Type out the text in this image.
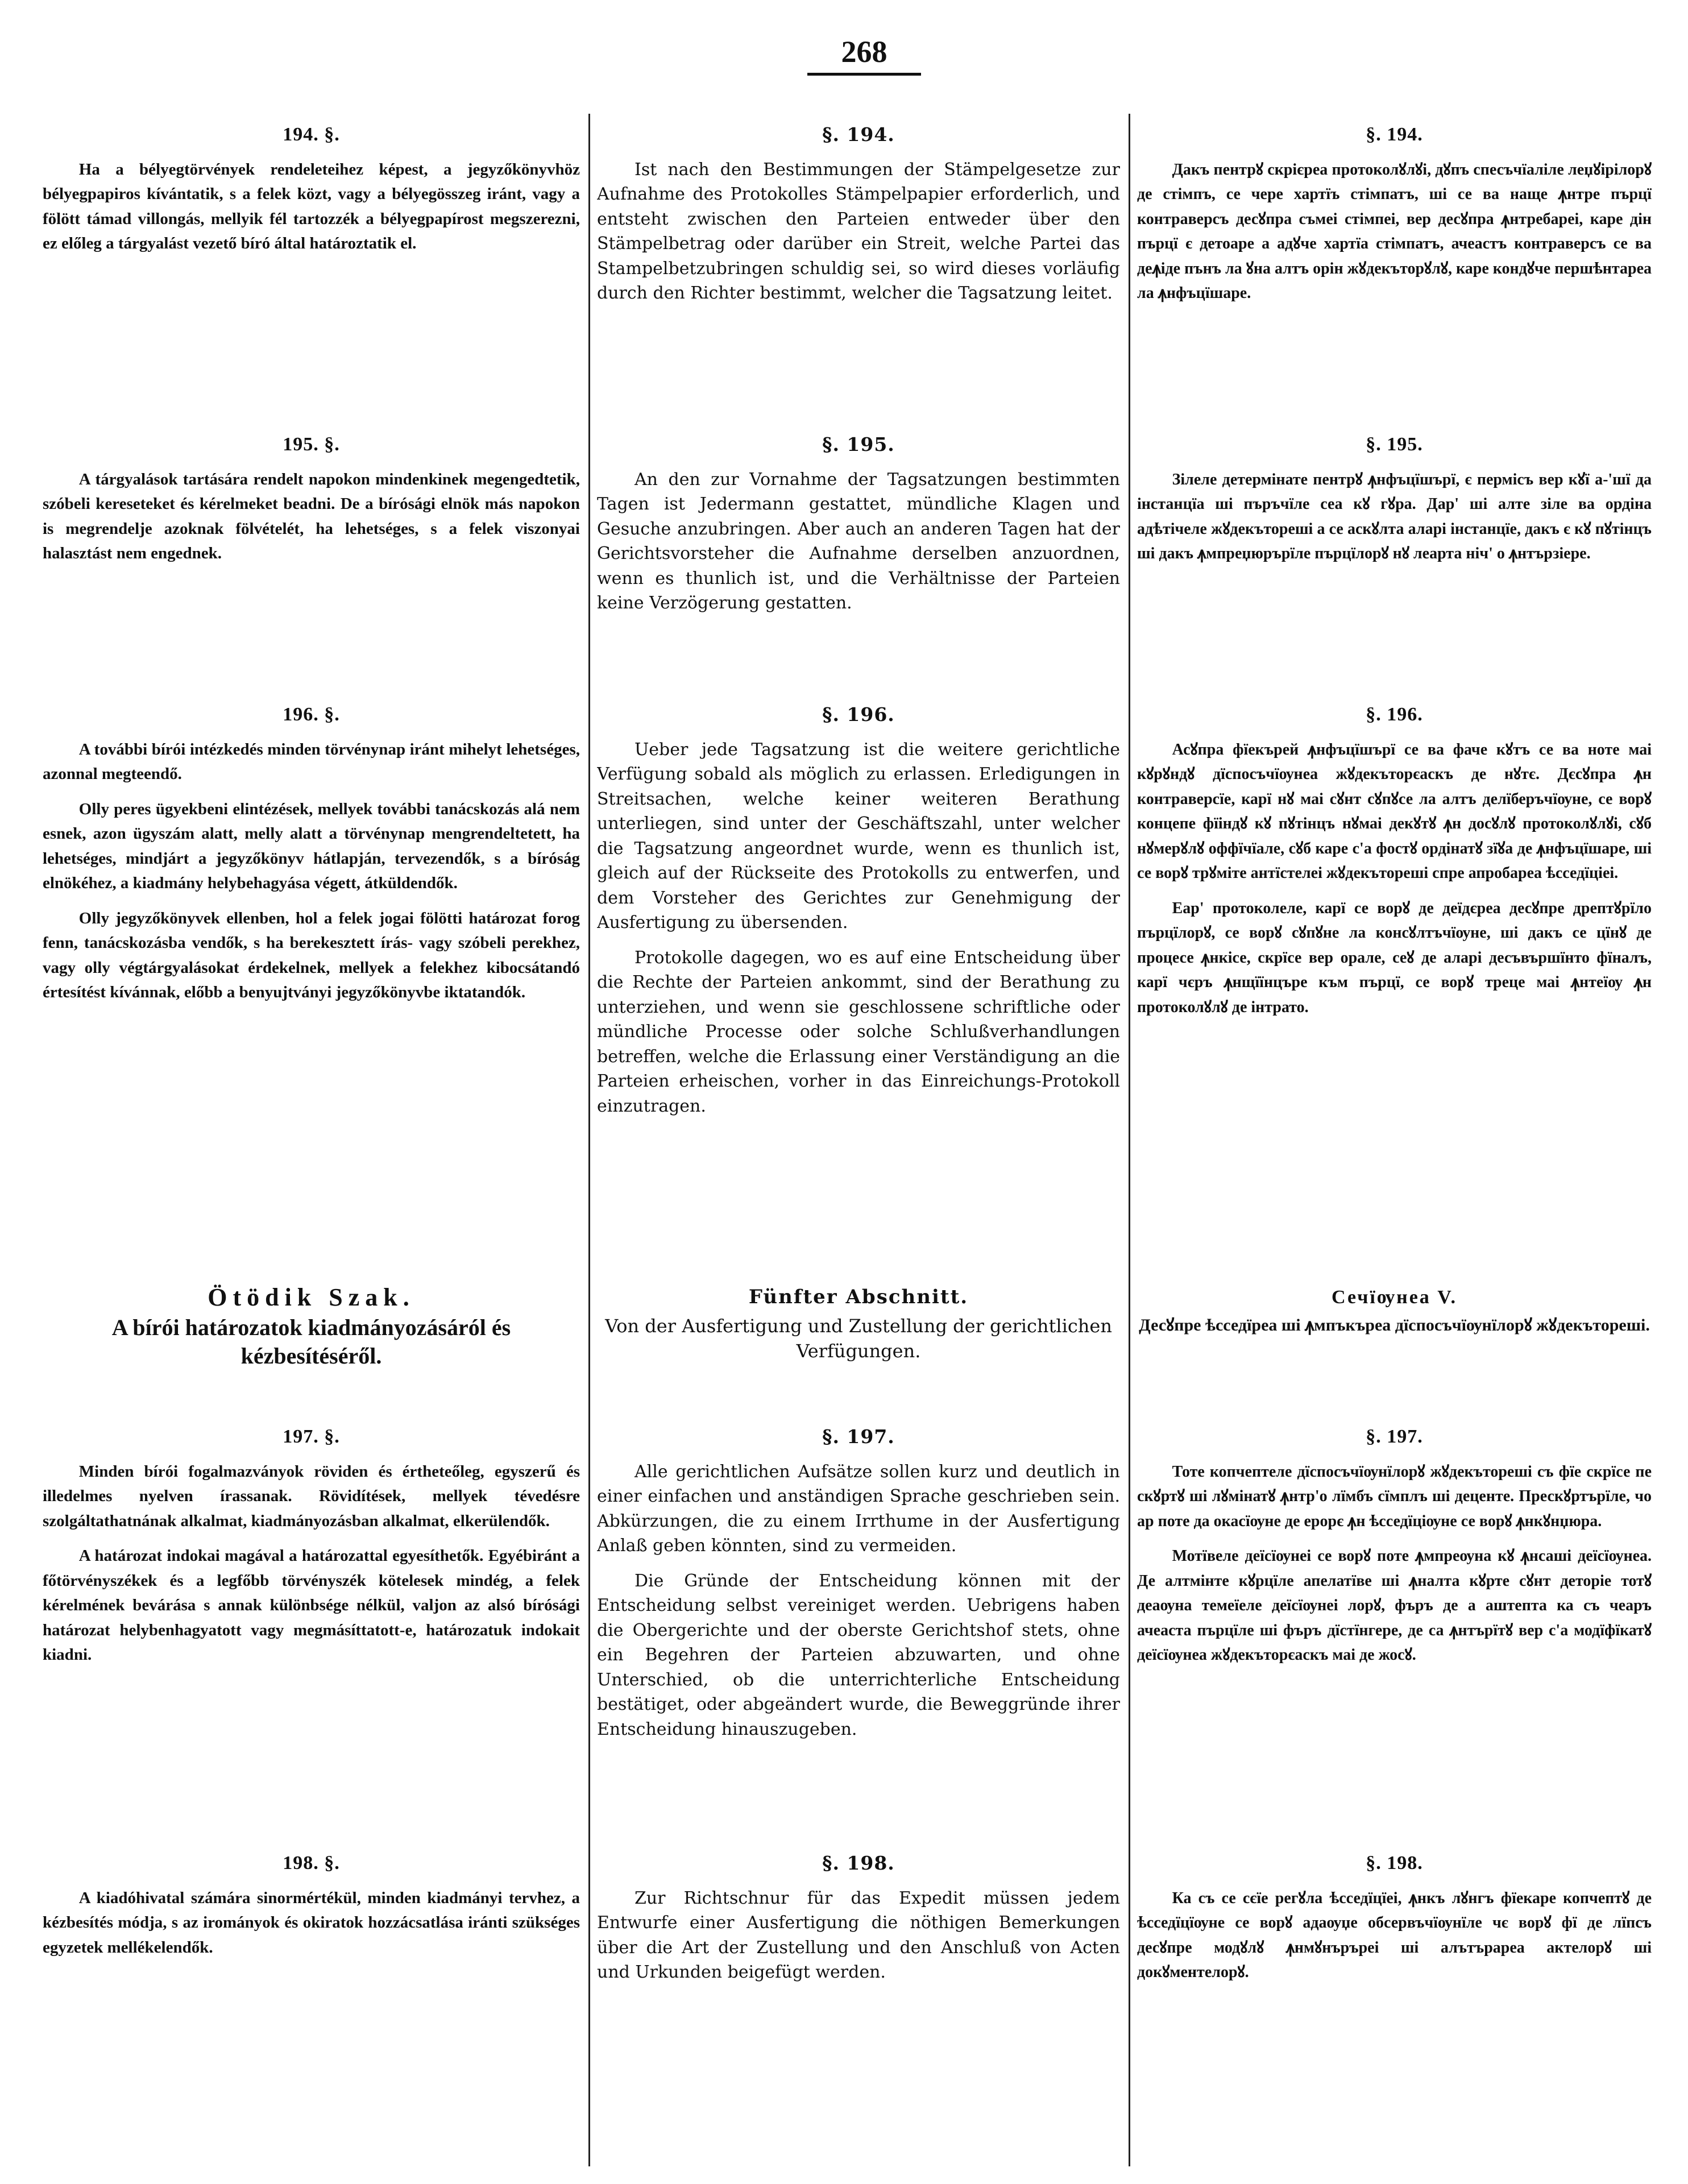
268
194. §.

Ha a bélyegtörvények rendeleteihez képest, a jegyzőkönyvhöz bélyegpapiros kívántatik, s a felek közt, vagy a bélyegösszeg iránt, vagy a fölött támad villongás, mellyik fél tartozzék a bélyegpapírost megszerezni, ez előleg a tárgyalást vezető bíró által határoztatik el.

195. §.

A tárgyalások tartására rendelt napokon mindenkinek megengedtetik, szóbeli kereseteket és kérelmeket beadni. De a bírósági elnök más napokon is megrendelje azoknak fölvételét, ha lehetséges, s a felek viszonyai halasztást nem engednek.

196. §.

A további bírói intézkedés minden törvénynap iránt mihelyt lehetséges, azonnal megteendő.

Olly peres ügyekbeni elintézések, mellyek további tanácskozás alá nem esnek, azon ügyszám alatt, melly alatt a törvénynap mengrendeltetett, ha lehetséges, mindjárt a jegyzőkönyv hátlapján, tervezendők, s a bíróság elnökéhez, a kiadmány helybehagyása végett, átküldendők.

Olly jegyzőkönyvek ellenben, hol a felek jogai fölötti határozat forog fenn, tanácskozásba vendők, s ha berekesztett írás- vagy szóbeli perekhez, vagy olly végtárgyalásokat érdekelnek, mellyek a felekhez kibocsátandó értesítést kívánnak, előbb a benyujtványi jegyzőkönyvbe iktatandók.

Ötödik Szak.
A bírói határozatok kiadmányozásáról és kézbesítéséről.
197. §.

Minden bírói fogalmazványok röviden és értheteőleg, egyszerű és illedelmes nyelven írassanak. Rövidítések, mellyek tévedésre szolgáltathatnának alkalmat, kiadmányozásban alkalmat, elkerülendők.

A határozat indokai magával a határozattal egyesíthetők. Egyébiránt a főtörvényszékek és a legfőbb törvényszék kötelesek mindég, a felek kérelmének bevárása s annak különbsége nélkül, valjon az alsó bírósági határozat helybenhagyatott vagy megmásíttatott-e, határozatuk indokait kiadni.

198. §.

A kiadóhivatal számára sinormértékül, minden kiadmányi tervhez, a kézbesítés módja, s az irományok és okiratok hozzácsatlása iránti szükséges egyzetek mellékelendők.

§. 194.

Ist nach den Bestimmungen der Stämpelgesetze zur Aufnahme des Protokolles Stämpelpapier erforderlich, und entsteht zwischen den Parteien entweder über den Stämpelbetrag oder darüber ein Streit, welche Partei das Stampelbetzubringen schuldig sei, so wird dieses vorläufig durch den Richter bestimmt, welcher die Tagsatzung leitet.

§. 195.

An den zur Vornahme der Tagsatzungen bestimmten Tagen ist Jedermann gestattet, mündliche Klagen und Gesuche anzubringen. Aber auch an anderen Tagen hat der Gerichtsvorsteher die Aufnahme derselben anzuordnen, wenn es thunlich ist, und die Verhältnisse der Parteien keine Verzögerung gestatten.

§. 196.

Ueber jede Tagsatzung ist die weitere gerichtliche Verfügung sobald als möglich zu erlassen. Erledigungen in Streitsachen, welche keiner weiteren Berathung unterliegen, sind unter der Geschäftszahl, unter welcher die Tagsatzung angeordnet wurde, wenn es thunlich ist, gleich auf der Rückseite des Protokolls zu entwerfen, und dem Vorsteher des Gerichtes zur Genehmigung der Ausfertigung zu übersenden.

Protokolle dagegen, wo es auf eine Entscheidung über die Rechte der Parteien ankommt, sind der Berathung zu unterziehen, und wenn sie geschlossene schriftliche oder mündliche Processe oder solche Schlußverhandlungen betreffen, welche die Erlassung einer Verständigung an die Parteien erheischen, vorher in das Einreichungs-Protokoll einzutragen.

Fünfter Abschnitt.
Von der Ausfertigung und Zustellung der gerichtlichen Verfügungen.
§. 197.

Alle gerichtlichen Aufsätze sollen kurz und deutlich in einer einfachen und anständigen Sprache geschrieben sein. Abkürzungen, die zu einem Irrthume in der Ausfertigung Anlaß geben könnten, sind zu vermeiden.

Die Gründe der Entscheidung können mit der Entscheidung selbst vereiniget werden. Uebrigens haben die Obergerichte und der oberste Gerichtshof stets, ohne ein Begehren der Parteien abzuwarten, und ohne Unterschied, ob die unterrichterliche Entscheidung bestätiget, oder abgeändert wurde, die Beweggründe ihrer Entscheidung hinauszugeben.

§. 198.

Zur Richtschnur für das Expedit müssen jedem Entwurfe einer Ausfertigung die nöthigen Bemerkungen über die Art der Zustellung und den Anschluß von Acten und Urkunden beigefügt werden.

§. 194.

Дакъ пентрꙋ скрієреа протоколꙋлꙋі, дꙋпъ спесъчїаліле леџꙋірілорꙋ де стімпъ, се чере хартїъ стімпатъ, ші се ва наще ꙟнтре пърцї контраверсъ десꙋпра съмеі стімпеі, вер десꙋпра ꙟнтребареі, каре дін пърцї є детоаре а адꙋче хартїа стімпатъ, ачеастъ контраверсъ се ва деꙟіде пънъ ла ꙋна алтъ орін жꙋдекъторꙋлꙋ, каре кондꙋче першѣнтареа ла ꙟнфъцїшаре.

§. 195.

Зілеле детермінате пентрꙋ ꙟнфъцїшърї, є пермісъ вер кꙋї а-'шї да інстанцїа ші пъръчїле сеа кꙋ гꙋра. Дар' ші алте зіле ва ордіна адѣтічеле жꙋдекътореші а се аскꙋлта аларі інстанцїе, дакъ є кꙋ пꙋтінцъ ші дакъ ꙟмпреџюрърїле пърцїлорꙋ нꙋ леарта ніч' о ꙟнтързіере.

§. 196.

Асꙋпра фїекърей ꙟнфъцїшърї се ва фаче кꙋтъ се ва ноте маі кꙋрꙋндꙋ дїспосъчїѹнеа жꙋдекъторєаскъ де нꙋтє. Дєсꙋпра ꙟн контраверсїе, карї нꙋ маі сꙋнт сꙋпꙋсе ла алтъ делїберъчїѹне, се ворꙋ концепе фїіндꙋ кꙋ пꙋтінцъ нꙋмаі декꙋтꙋ ꙟн досꙋлꙋ протоколꙋлꙋі, сꙋб нꙋмерꙋлꙋ оффїчїале, сꙋб каре с'а фостꙋ ордінатꙋ зїꙋа де ꙟнфъцїшаре, ші се ворꙋ трꙋміте антїстелеі жꙋдекътореші спре апробареа ѣсседїціеі.

Еар' протоколеле, карї се ворꙋ де деїдєреа десꙋпре дрептꙋрїло пърцїлорꙋ, се ворꙋ сꙋпꙋне ла консꙋлтъчїѹне, ші дакъ се цїнꙋ де процесе ꙟнкісе, скрїсе вер орале, сеꙋ де аларі десъвършїнто фїналъ, карї чєръ ꙟнщїїнцъре към пърцї, се ворꙋ треце маі ꙟнтеїѹ ꙟн протоколꙋлꙋ де інтрато.

Сечїѹнеа V.
Десꙋпре ѣсседїреа ші ꙟмпъкъреа дїспосъчїѹнїлорꙋ жꙋдекътореші.
§. 197.

Тоте копчептеле дїспосъчїѹнїлорꙋ жꙋдекътореші съ фїе скрїсе пе скꙋртꙋ ші лꙋмінатꙋ ꙟнтр'о лїмбъ сїмплъ ші деценте. Прескꙋртърїле, чо ар поте да окасїѹне де ерорє ꙟн ѣсседїціѹне се ворꙋ ꙟнкꙋнџюра.

Мотївеле деїсїѹнеі се ворꙋ поте ꙟмпреѹна кꙋ ꙟнсаші деїсїѹнеа. Де алтмінте кꙋрцїле апелатїве ші ꙟналта кꙋрте сꙋнт деторіе тотꙋ деаѹна темеїеле деїсїѹнеі лорꙋ, фъръ де а аштепта ка съ чеаръ ачеаста пърцїле ші фъръ дїстїнгере, де са ꙟнтърїтꙋ вер с'а модїфїкатꙋ деїсїѹнеа жꙋдекъторєаскъ маі де жосꙋ.

§. 198.

Ка съ се сєїе регꙋла ѣсседїцїеі, ꙟнкъ лꙋнгъ фїекаре копчептꙋ де ѣсседїцїѹне се ворꙋ адаѹџе обсервъчїѹнїле чє ворꙋ фї де лїпсъ десꙋпре модꙋлꙋ ꙟнмꙋнъръреі ші алътърареа актелорꙋ ші докꙋментелорꙋ.
